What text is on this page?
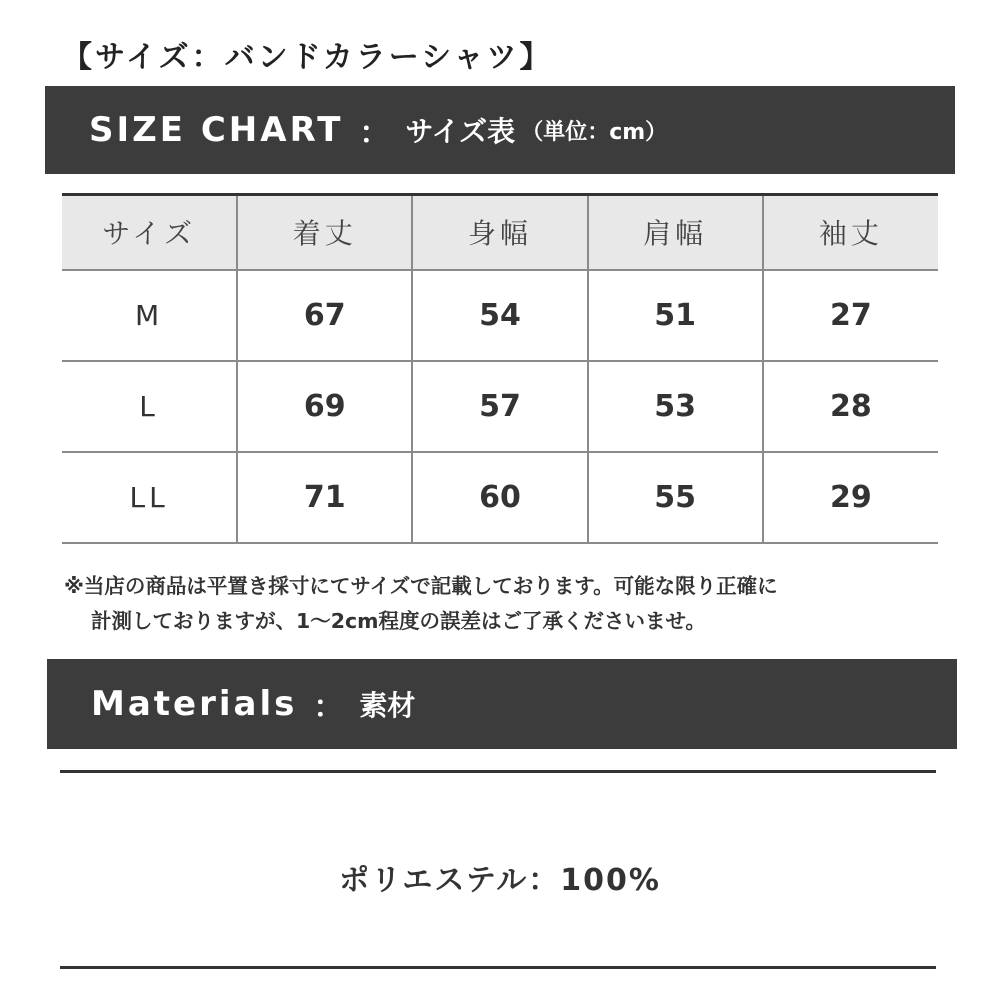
【サイズ：バンドカラーシャツ】
SIZE CHART ： サイズ表 （単位：cm）
サイズ	着丈	身幅	肩幅	袖丈
M	67	54	51	27
L	69	57	53	28
LL	71	60	55	29
※当店の商品は平置き採寸にてサイズで記載しております。可能な限り正確に
計測しておりますが、1〜2cm程度の誤差はご了承くださいませ。
Materials ： 素材
ポリエステル：100%
